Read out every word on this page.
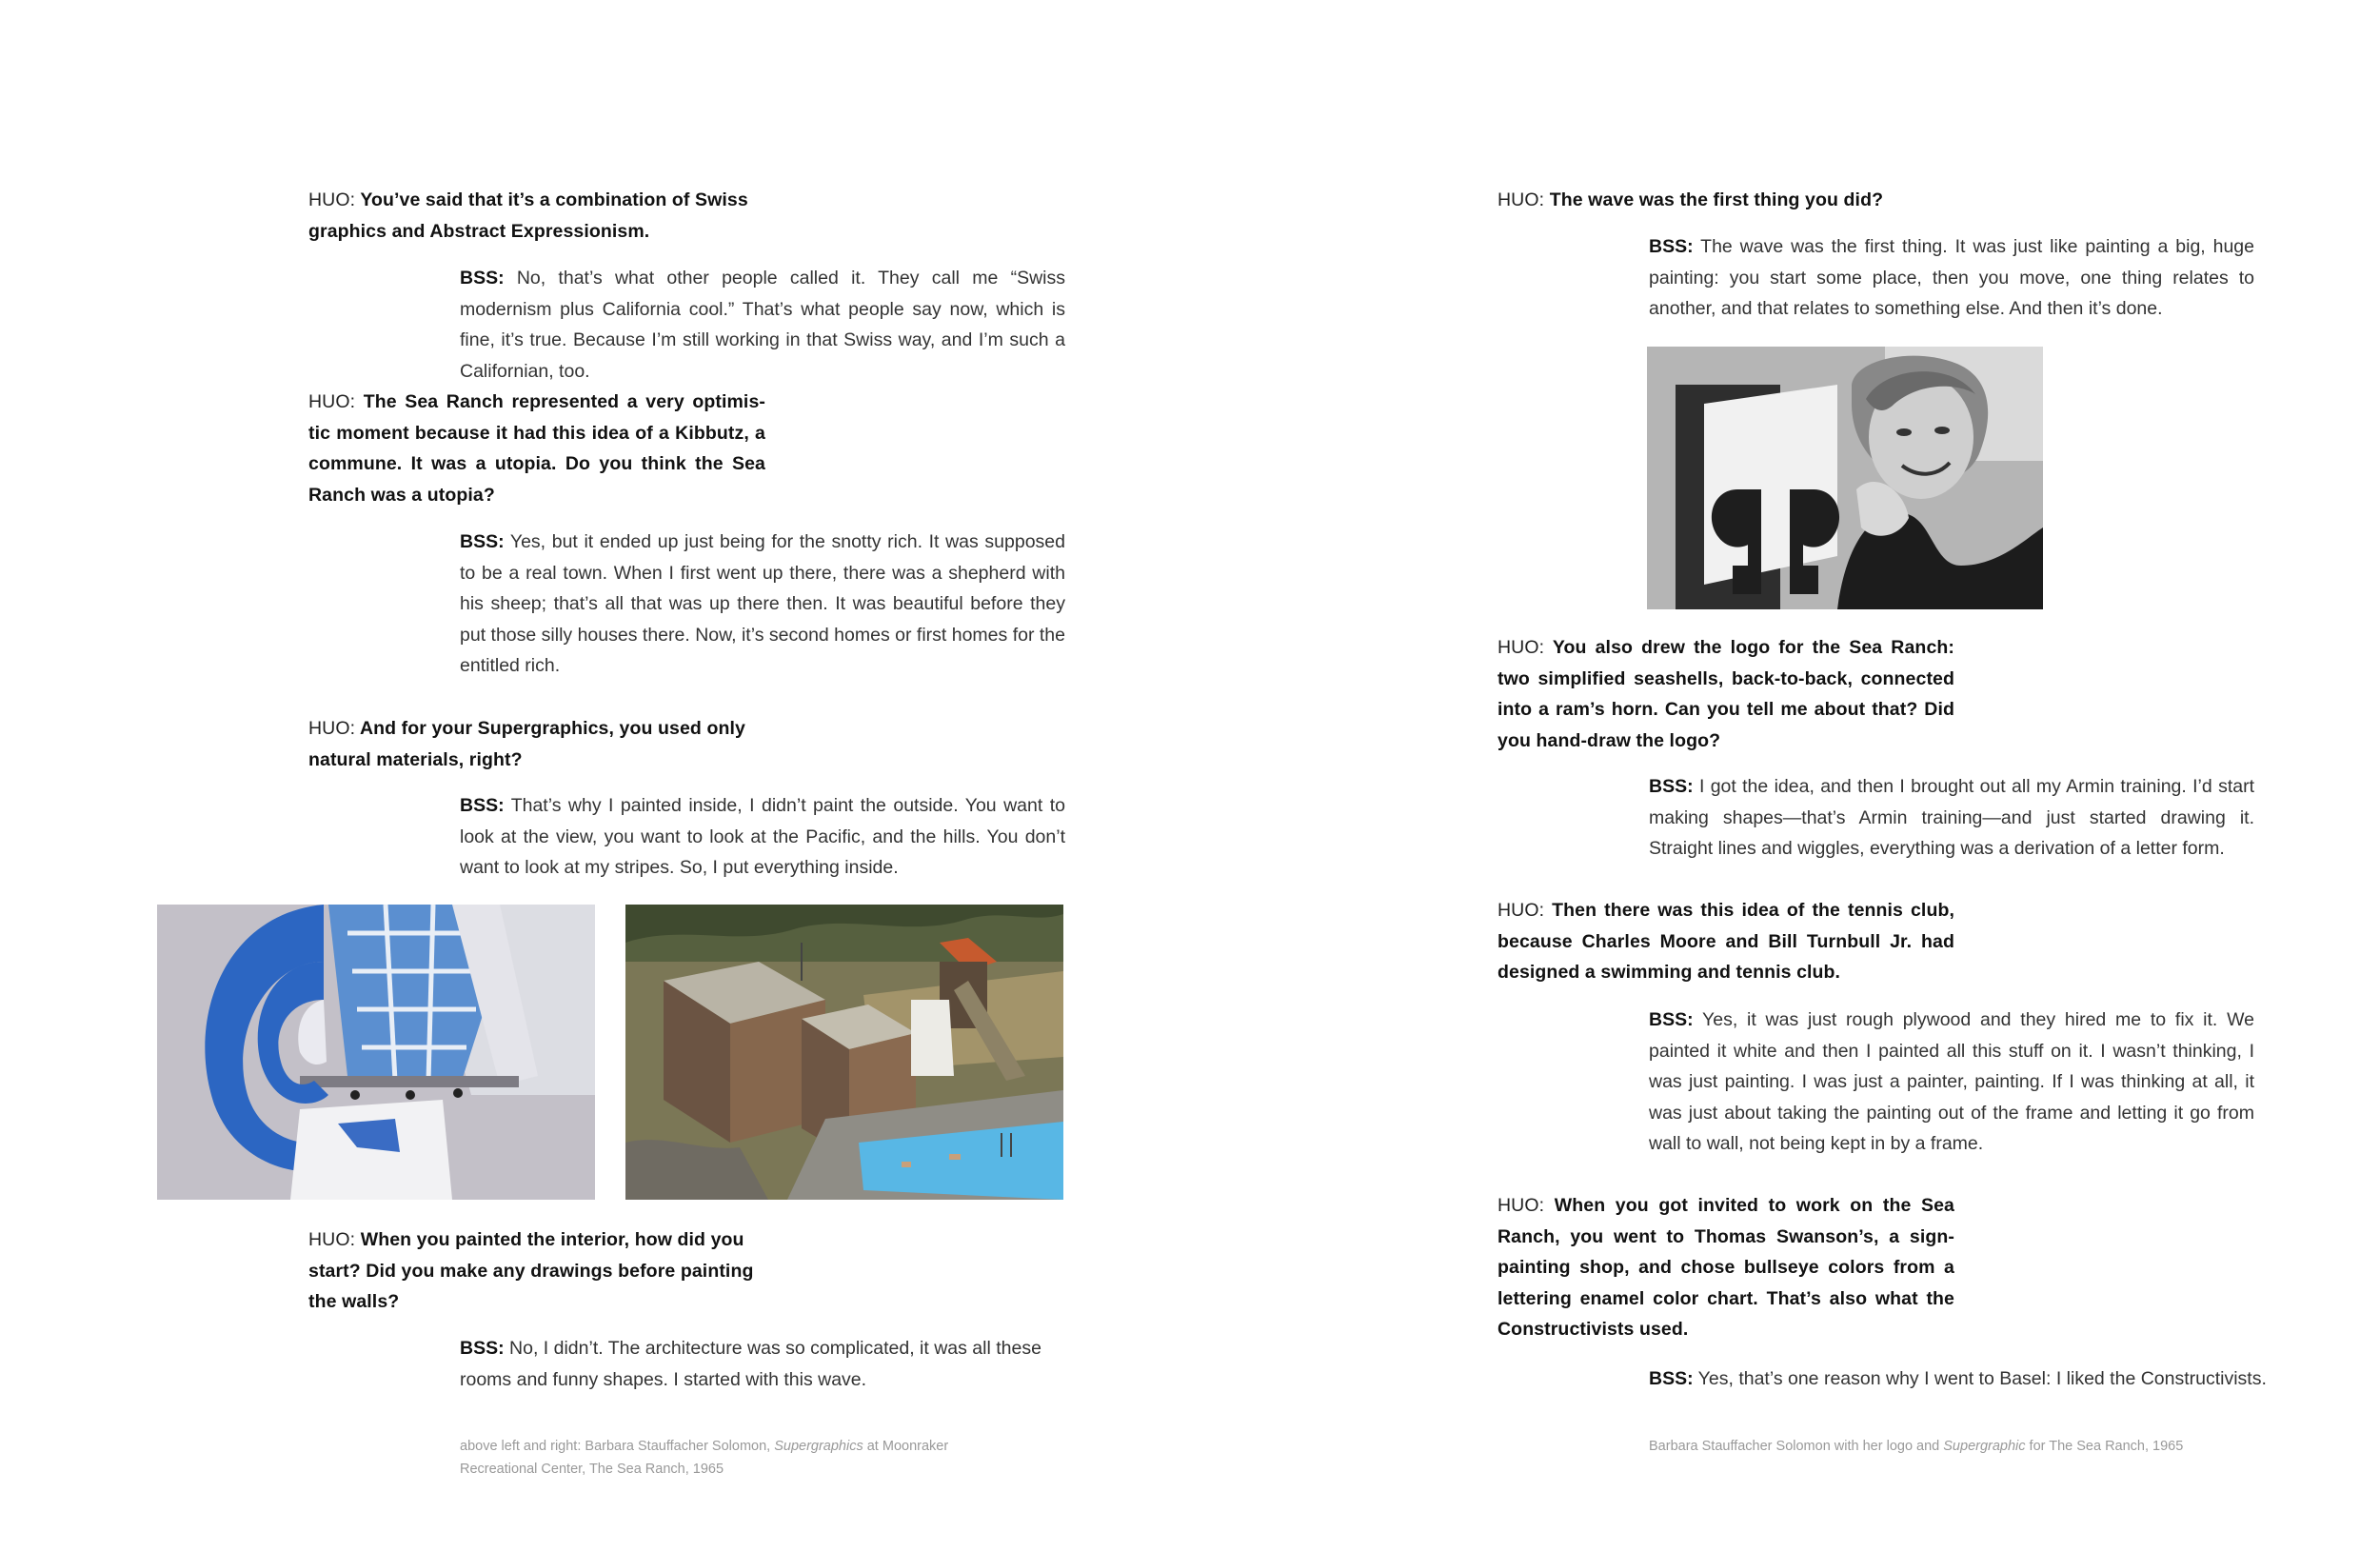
HUO: You’ve said that it’s a combination of Swiss graphics and Abstract Expressionism.
BSS: No, that’s what other people called it. They call me “Swiss modernism plus California cool.” That’s what people say now, which is fine, it’s true. Because I’m still working in that Swiss way, and I’m such a Californian, too.
HUO: The Sea Ranch represented a very optimis-tic moment because it had this idea of a Kibbutz, a commune. It was a utopia. Do you think the Sea Ranch was a utopia?
BSS: Yes, but it ended up just being for the snotty rich. It was supposed to be a real town. When I first went up there, there was a shepherd with his sheep; that’s all that was up there then. It was beautiful before they put those silly houses there. Now, it’s second homes or first homes for the entitled rich.
HUO: And for your Supergraphics, you used only natural materials, right?
BSS: That’s why I painted inside, I didn’t paint the outside. You want to look at the view, you want to look at the Pacific, and the hills. You don’t want to look at my stripes. So, I put everything inside.
HUO: When you painted the interior, how did you start? Did you make any drawings before painting the walls?
BSS: No, I didn’t. The architecture was so complicated, it was all these rooms and funny shapes. I started with this wave.
above left and right: Barbara Stauffacher Solomon, Supergraphics at Moonraker Recreational Center, The Sea Ranch, 1965
HUO: The wave was the first thing you did?
BSS: The wave was the first thing. It was just like painting a big, huge painting: you start some place, then you move, one thing relates to another, and that relates to something else. And then it’s done.
HUO: You also drew the logo for the Sea Ranch: two simplified seashells, back-to-back, connected into a ram’s horn. Can you tell me about that? Did you hand-draw the logo?
BSS: I got the idea, and then I brought out all my Armin training. I’d start making shapes—that’s Armin training—and just started drawing it. Straight lines and wiggles, everything was a derivation of a letter form.
HUO: Then there was this idea of the tennis club, because Charles Moore and Bill Turnbull Jr. had designed a swimming and tennis club.
BSS: Yes, it was just rough plywood and they hired me to fix it. We painted it white and then I painted all this stuff on it. I wasn’t thinking, I was just painting. I was just a painter, painting. If I was thinking at all, it was just about taking the painting out of the frame and letting it go from wall to wall, not being kept in by a frame.
HUO: When you got invited to work on the Sea Ranch, you went to Thomas Swanson’s, a sign-painting shop, and chose bullseye colors from a lettering enamel color chart. That’s also what the Constructivists used.
BSS: Yes, that’s one reason why I went to Basel: I liked the Constructivists.
Barbara Stauffacher Solomon with her logo and Supergraphic for The Sea Ranch, 1965
